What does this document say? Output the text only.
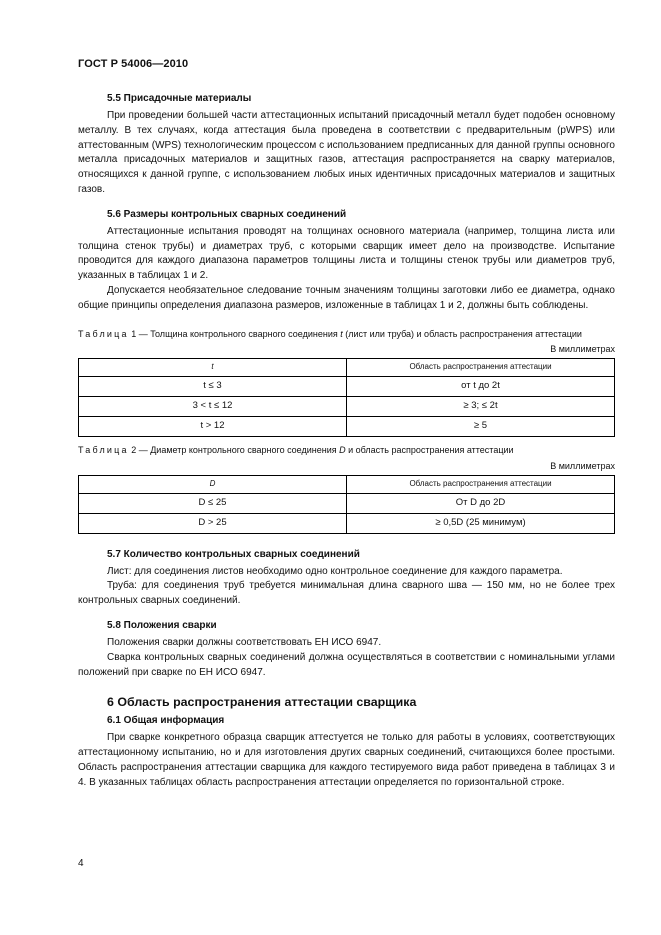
ГОСТ Р 54006—2010
5.5 Присадочные материалы

При проведении большей части аттестационных испытаний присадочный металл будет подобен основному металлу. В тех случаях, когда аттестация была проведена в соответствии с предварительным (pWPS) или аттестованным (WPS) технологическим процессом с использованием предписанных для данной группы основного металла присадочных материалов и защитных газов, аттестация распространяется на сварку материалов, относящихся к данной группе, с использованием любых иных идентичных присадочных материалов и защитных газов.

5.6 Размеры контрольных сварных соединений

Аттестационные испытания проводят на толщинах основного материала (например, толщина листа или толщина стенок трубы) и диаметрах труб, с которыми сварщик имеет дело на производстве. Испытание проводится для каждого диапазона параметров толщины листа и толщины стенок трубы или диаметров труб, указанных в таблицах 1 и 2.

Допускается необязательное следование точным значениям толщины заготовки либо ее диаметра, однако общие принципы определения диапазона размеров, изложенные в таблицах 1 и 2, должны быть соблюдены.

Таблица 1 — Толщина контрольного сварного соединения t (лист или труба) и область распространения аттестации
В миллиметрах
t	Область распространения аттестации
t ≤ 3	от t до 2t
3 < t ≤ 12	≥ 3; ≤ 2t
t > 12	≥ 5
Таблица 2 — Диаметр контрольного сварного соединения D и область распространения аттестации
В миллиметрах
D	Область распространения аттестации
D ≤ 25	От D до 2D
D > 25	≥ 0,5D (25 минимум)
5.7 Количество контрольных сварных соединений

Лист: для соединения листов необходимо одно контрольное соединение для каждого параметра.

Труба: для соединения труб требуется минимальная длина сварного шва — 150 мм, но не более трех контрольных сварных соединений.

5.8 Положения сварки

Положения сварки должны соответствовать ЕН ИСО 6947.

Сварка контрольных сварных соединений должна осуществляться в соответствии с номинальными углами положений при сварке по ЕН ИСО 6947.

6 Область распространения аттестации сварщика
6.1 Общая информация

При сварке конкретного образца сварщик аттестуется не только для работы в условиях, соответствующих аттестационному испытанию, но и для изготовления других сварных соединений, считающихся более простыми. Область распространения аттестации сварщика для каждого тестируемого вида работ приведена в таблицах 3 и 4. В указанных таблицах область распространения аттестации определяется по горизонтальной строке.

4
